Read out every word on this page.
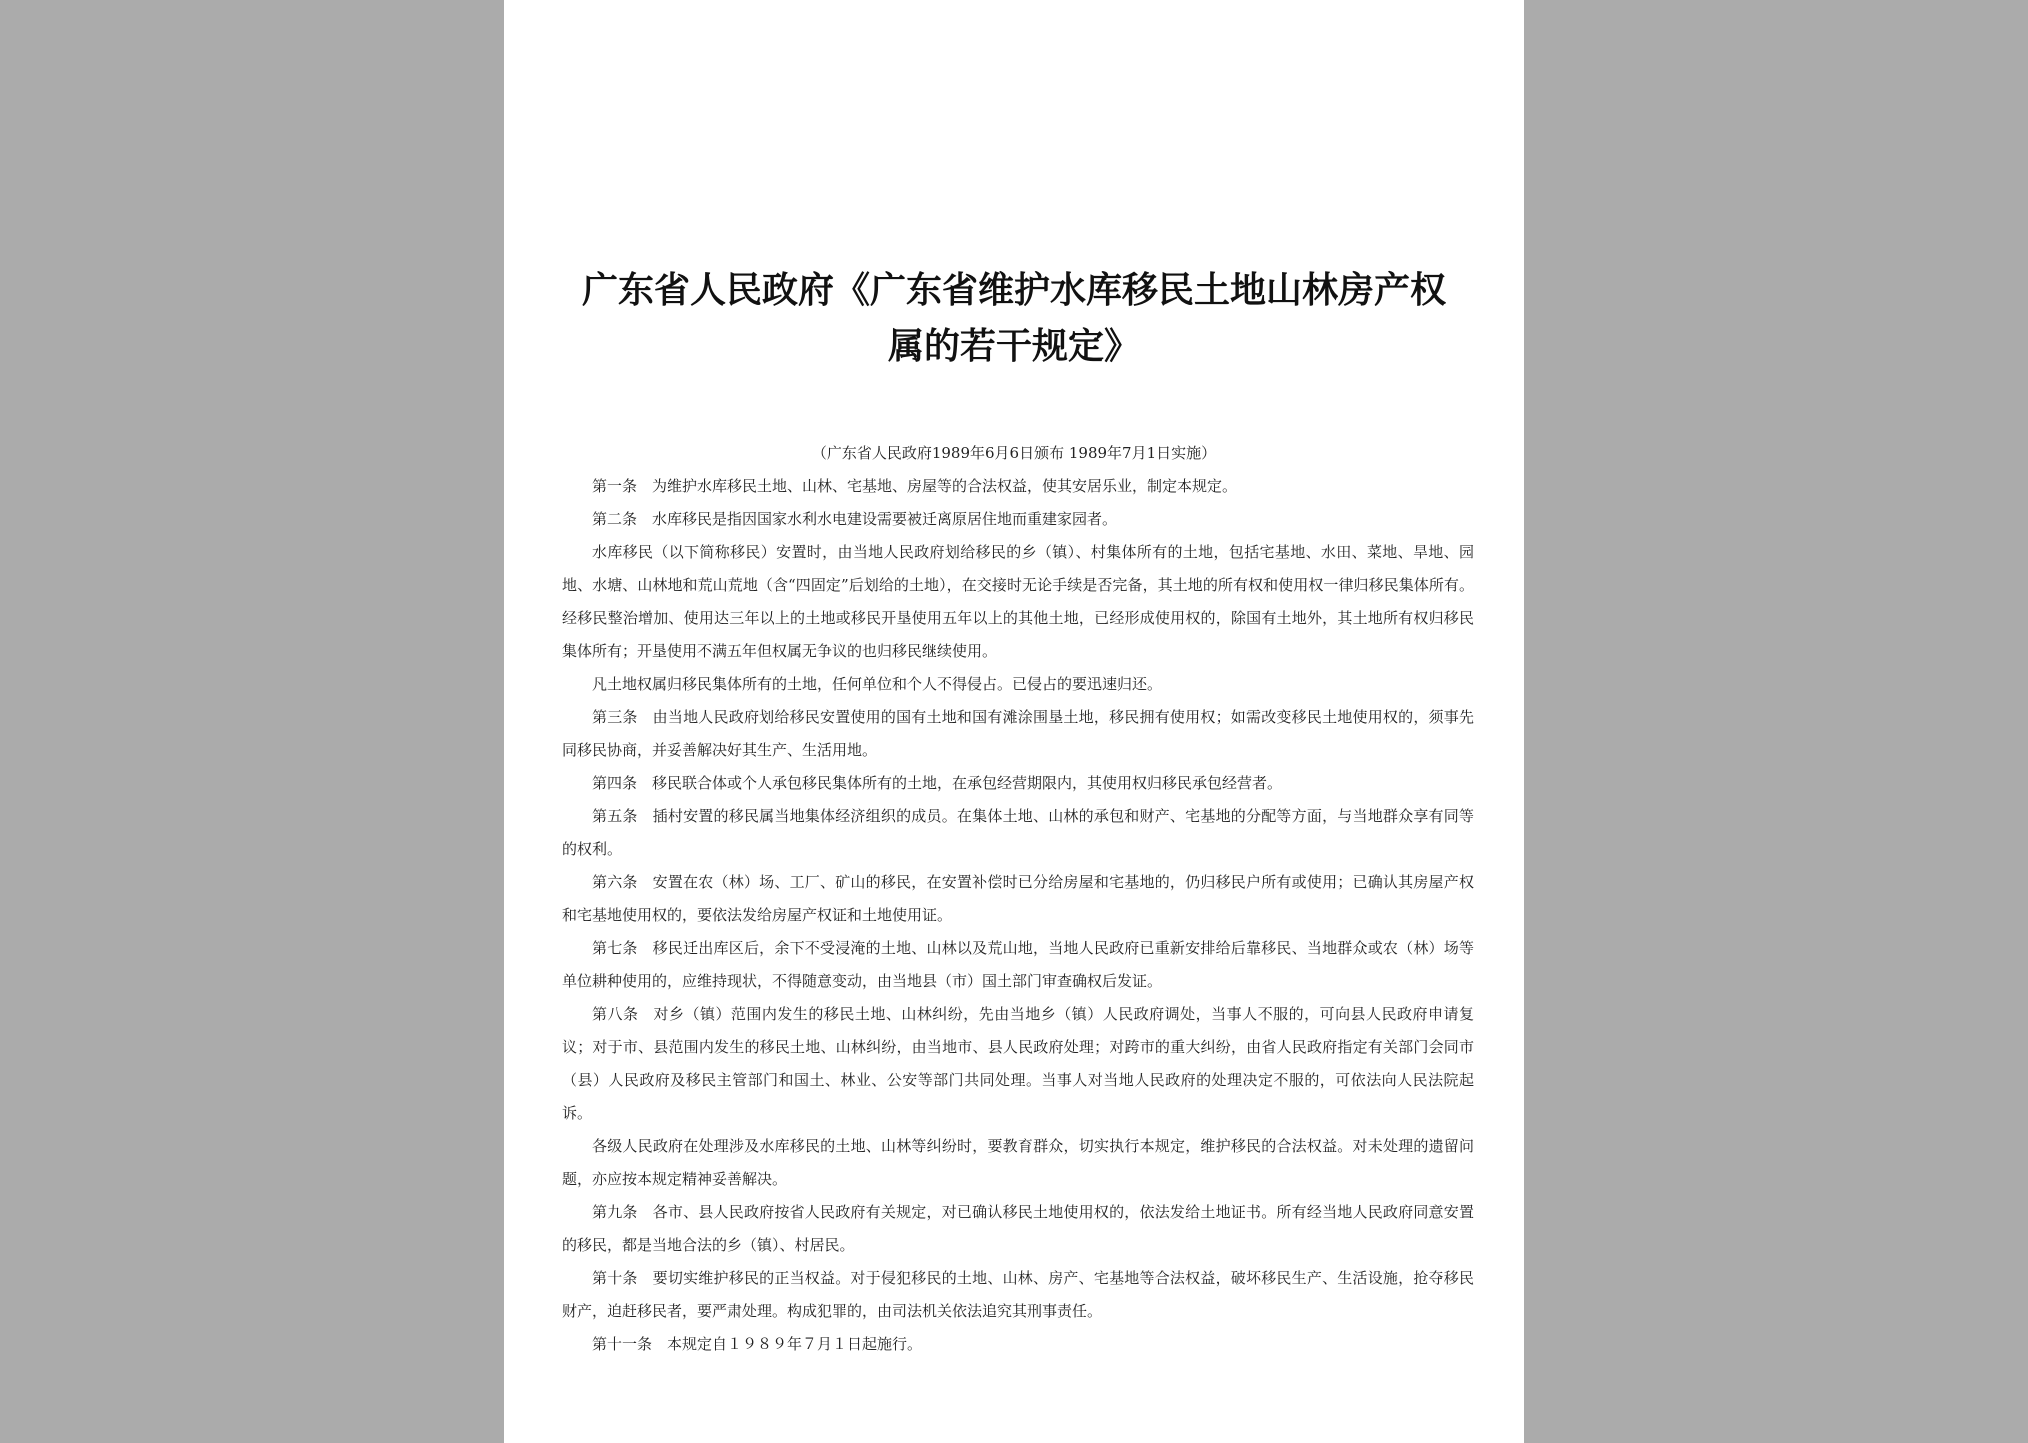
广东省人民政府《广东省维护水库移民土地山林房产权
属的若干规定》
（广东省人民政府1989年6月6日颁布 1989年7月1日实施）

第一条 为维护水库移民土地、山林、宅基地、房屋等的合法权益，使其安居乐业，制定本规定。

第二条 水库移民是指因国家水利水电建设需要被迁离原居住地而重建家园者。

水库移民（以下简称移民）安置时，由当地人民政府划给移民的乡（镇）、村集体所有的土地，包括宅基地、水田、菜地、旱地、园地、水塘、山林地和荒山荒地（含“四固定”后划给的土地），在交接时无论手续是否完备，其土地的所有权和使用权一律归移民集体所有。经移民整治增加、使用达三年以上的土地或移民开垦使用五年以上的其他土地，已经形成使用权的，除国有土地外，其土地所有权归移民集体所有；开垦使用不满五年但权属无争议的也归移民继续使用。

凡土地权属归移民集体所有的土地，任何单位和个人不得侵占。已侵占的要迅速归还。

第三条 由当地人民政府划给移民安置使用的国有土地和国有滩涂围垦土地，移民拥有使用权；如需改变移民土地使用权的，须事先同移民协商，并妥善解决好其生产、生活用地。

第四条 移民联合体或个人承包移民集体所有的土地，在承包经营期限内，其使用权归移民承包经营者。

第五条 插村安置的移民属当地集体经济组织的成员。在集体土地、山林的承包和财产、宅基地的分配等方面，与当地群众享有同等的权利。

第六条 安置在农（林）场、工厂、矿山的移民，在安置补偿时已分给房屋和宅基地的，仍归移民户所有或使用；已确认其房屋产权和宅基地使用权的，要依法发给房屋产权证和土地使用证。

第七条 移民迁出库区后，余下不受浸淹的土地、山林以及荒山地，当地人民政府已重新安排给后靠移民、当地群众或农（林）场等单位耕种使用的，应维持现状，不得随意变动，由当地县（市）国土部门审查确权后发证。

第八条 对乡（镇）范围内发生的移民土地、山林纠纷，先由当地乡（镇）人民政府调处，当事人不服的，可向县人民政府申请复议；对于市、县范围内发生的移民土地、山林纠纷，由当地市、县人民政府处理；对跨市的重大纠纷，由省人民政府指定有关部门会同市（县）人民政府及移民主管部门和国土、林业、公安等部门共同处理。当事人对当地人民政府的处理决定不服的，可依法向人民法院起诉。

各级人民政府在处理涉及水库移民的土地、山林等纠纷时，要教育群众，切实执行本规定，维护移民的合法权益。对未处理的遗留问题，亦应按本规定精神妥善解决。

第九条 各市、县人民政府按省人民政府有关规定，对已确认移民土地使用权的，依法发给土地证书。所有经当地人民政府同意安置的移民，都是当地合法的乡（镇）、村居民。

第十条 要切实维护移民的正当权益。对于侵犯移民的土地、山林、房产、宅基地等合法权益，破坏移民生产、生活设施，抢夺移民财产，迫赶移民者，要严肃处理。构成犯罪的，由司法机关依法追究其刑事责任。

第十一条 本规定自１９８９年７月１日起施行。
